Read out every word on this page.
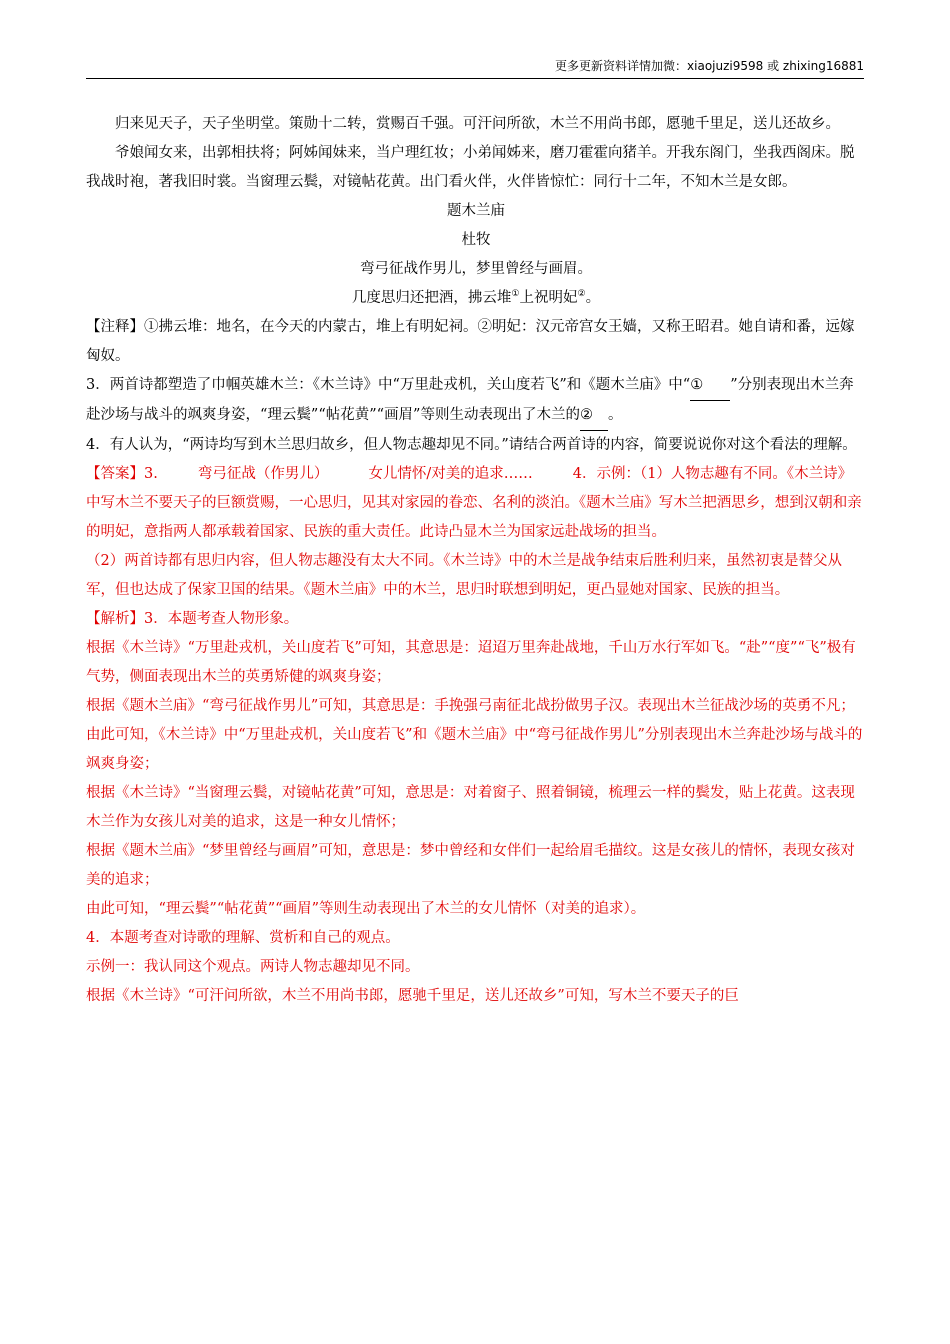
更多更新资料详情加微：xiaojuzi9598 或 zhixing16881

归来见天子，天子坐明堂。策勋十二转，赏赐百千强。可汗问所欲，木兰不用尚书郎，愿驰千里足，送儿还故乡。

爷娘闻女来，出郭相扶将；阿姊闻妹来，当户理红妆；小弟闻姊来，磨刀霍霍向猪羊。开我东阁门，坐我西阁床。脱我战时袍，著我旧时裳。当窗理云鬓，对镜帖花黄。出门看火伴，火伴皆惊忙：同行十二年，不知木兰是女郎。

题木兰庙

杜牧

弯弓征战作男儿，梦里曾经与画眉。

几度思归还把酒，拂云堆①上祝明妃②。

【注释】①拂云堆：地名，在今天的内蒙古，堆上有明妃祠。②明妃：汉元帝宫女王嫱，又称王昭君。她自请和番，远嫁匈奴。

3．两首诗都塑造了巾帼英雄木兰：《木兰诗》中“万里赴戎机，关山度若飞”和《题木兰庙》中“① ”分别表现出木兰奔赴沙场与战斗的飒爽身姿，“理云鬓”“帖花黄”“画眉”等则生动表现出了木兰的② 。

4．有人认为，“两诗均写到木兰思归故乡，但人物志趣却见不同。”请结合两首诗的内容，简要说说你对这个看法的理解。

【答案】3.	弯弓征战（作男儿）	女儿情怀/对美的追求……	4．示例：（1）人物志趣有不同。《木兰诗》中写木兰不要天子的巨额赏赐，一心思归，见其对家园的眷恋、名利的淡泊。《题木兰庙》写木兰把酒思乡，想到汉朝和亲的明妃，意指两人都承载着国家、民族的重大责任。此诗凸显木兰为国家远赴战场的担当。

（2）两首诗都有思归内容，但人物志趣没有太大不同。《木兰诗》中的木兰是战争结束后胜利归来，虽然初衷是替父从军，但也达成了保家卫国的结果。《题木兰庙》中的木兰，思归时联想到明妃，更凸显她对国家、民族的担当。

【解析】3．本题考查人物形象。

根据《木兰诗》“万里赴戎机，关山度若飞”可知，其意思是：迢迢万里奔赴战地，千山万水行军如飞。“赴”“度”“飞”极有气势，侧面表现出木兰的英勇矫健的飒爽身姿；

根据《题木兰庙》“弯弓征战作男儿”可知，其意思是：手挽强弓南征北战扮做男子汉。表现出木兰征战沙场的英勇不凡；

由此可知，《木兰诗》中“万里赴戎机，关山度若飞”和《题木兰庙》中“弯弓征战作男儿”分别表现出木兰奔赴沙场与战斗的飒爽身姿；

根据《木兰诗》“当窗理云鬓，对镜帖花黄”可知，意思是：对着窗子、照着铜镜，梳理云一样的鬓发，贴上花黄。这表现木兰作为女孩儿对美的追求，这是一种女儿情怀；

根据《题木兰庙》“梦里曾经与画眉”可知，意思是：梦中曾经和女伴们一起给眉毛描纹。这是女孩儿的情怀，表现女孩对美的追求；

由此可知，“理云鬓”“帖花黄”“画眉”等则生动表现出了木兰的女儿情怀（对美的追求）。

4．本题考查对诗歌的理解、赏析和自己的观点。

示例一：我认同这个观点。两诗人物志趣却见不同。

根据《木兰诗》“可汗问所欲，木兰不用尚书郎，愿驰千里足，送儿还故乡”可知，写木兰不要天子的巨
